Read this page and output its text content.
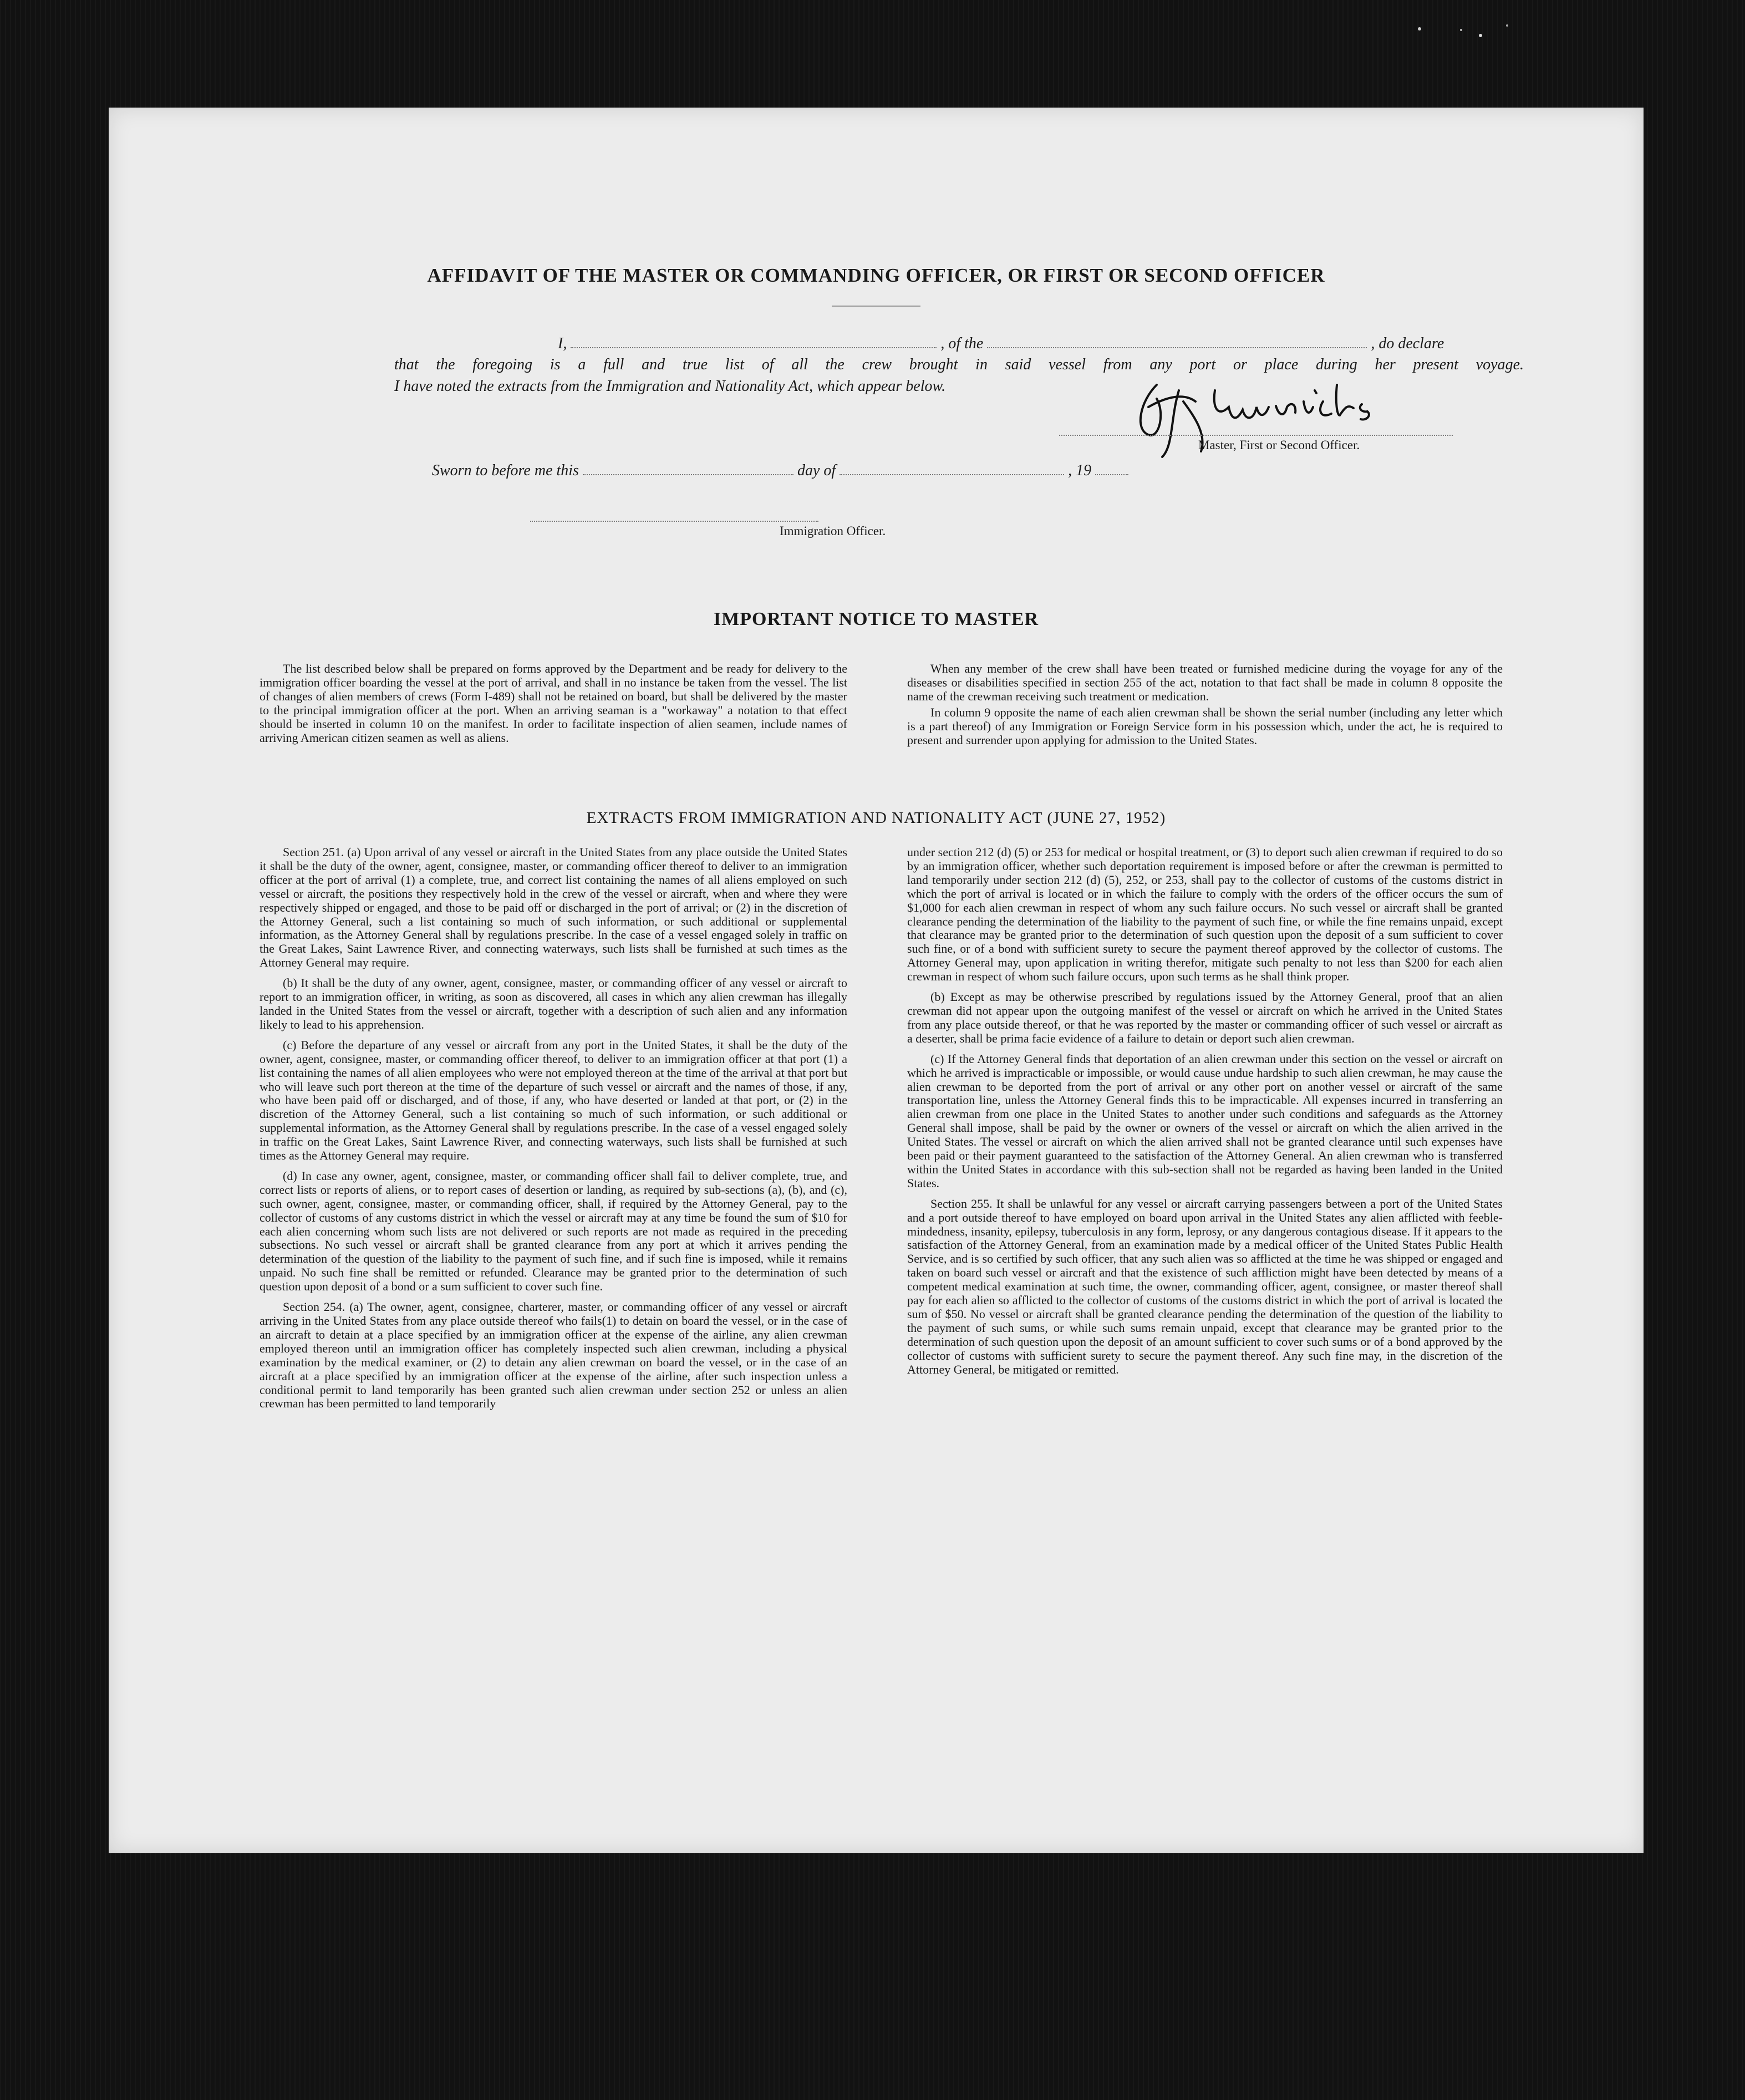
AFFIDAVIT OF THE MASTER OR COMMANDING OFFICER, OR FIRST OR SECOND OFFICER
I,	, of the	, do declare
that the foregoing is a full and true list of all the crew brought in said vessel from any port or place during her present voyage.
I have noted the extracts from the Immigration and Nationality Act, which appear below.
Master, First or Second Officer.
Sworn to before me this	day of	, 19
Immigration Officer.
IMPORTANT NOTICE TO MASTER

The list described below shall be prepared on forms approved by the Department and be ready for delivery to the immigration officer boarding the vessel at the port of arrival, and shall in no instance be taken from the vessel. The list of changes of alien members of crews (Form I-489) shall not be retained on board, but shall be delivered by the master to the principal immigration officer at the port. When an arriving seaman is a "workaway" a notation to that effect should be inserted in column 10 on the manifest. In order to facilitate inspection of alien seamen, include names of arriving American citizen seamen as well as aliens.

When any member of the crew shall have been treated or furnished medicine during the voyage for any of the diseases or disabilities specified in section 255 of the act, notation to that fact shall be made in column 8 opposite the name of the crewman receiving such treatment or medication.

In column 9 opposite the name of each alien crewman shall be shown the serial number (including any letter which is a part thereof) of any Immigration or Foreign Service form in his possession which, under the act, he is required to present and surrender upon applying for admission to the United States.

EXTRACTS FROM IMMIGRATION AND NATIONALITY ACT (JUNE 27, 1952)

Section 251. (a) Upon arrival of any vessel or aircraft in the United States from any place outside the United States it shall be the duty of the owner, agent, consignee, master, or commanding officer thereof to deliver to an immigration officer at the port of arrival (1) a complete, true, and correct list containing the names of all aliens employed on such vessel or aircraft, the positions they respectively hold in the crew of the vessel or aircraft, when and where they were respectively shipped or engaged, and those to be paid off or discharged in the port of arrival; or (2) in the discretion of the Attorney General, such a list containing so much of such information, or such additional or supplemental information, as the Attorney General shall by regulations prescribe. In the case of a vessel engaged solely in traffic on the Great Lakes, Saint Lawrence River, and connecting waterways, such lists shall be furnished at such times as the Attorney General may require.

(b) It shall be the duty of any owner, agent, consignee, master, or commanding officer of any vessel or aircraft to report to an immigration officer, in writing, as soon as discovered, all cases in which any alien crewman has illegally landed in the United States from the vessel or aircraft, together with a description of such alien and any information likely to lead to his apprehension.

(c) Before the departure of any vessel or aircraft from any port in the United States, it shall be the duty of the owner, agent, consignee, master, or commanding officer thereof, to deliver to an immigration officer at that port (1) a list containing the names of all alien employees who were not employed thereon at the time of the arrival at that port but who will leave such port thereon at the time of the departure of such vessel or aircraft and the names of those, if any, who have been paid off or discharged, and of those, if any, who have deserted or landed at that port, or (2) in the discretion of the Attorney General, such a list containing so much of such information, or such additional or supplemental information, as the Attorney General shall by regulations prescribe. In the case of a vessel engaged solely in traffic on the Great Lakes, Saint Lawrence River, and connecting waterways, such lists shall be furnished at such times as the Attorney General may require.

(d) In case any owner, agent, consignee, master, or commanding officer shall fail to deliver complete, true, and correct lists or reports of aliens, or to report cases of desertion or landing, as required by sub-sections (a), (b), and (c), such owner, agent, consignee, master, or commanding officer, shall, if required by the Attorney General, pay to the collector of customs of any customs district in which the vessel or aircraft may at any time be found the sum of $10 for each alien concerning whom such lists are not delivered or such reports are not made as required in the preceding subsections. No such vessel or aircraft shall be granted clearance from any port at which it arrives pending the determination of the question of the liability to the payment of such fine, and if such fine is imposed, while it remains unpaid. No such fine shall be remitted or refunded. Clearance may be granted prior to the determination of such question upon deposit of a bond or a sum sufficient to cover such fine.

Section 254. (a) The owner, agent, consignee, charterer, master, or commanding officer of any vessel or aircraft arriving in the United States from any place outside thereof who fails(1) to detain on board the vessel, or in the case of an aircraft to detain at a place specified by an immigration officer at the expense of the airline, any alien crewman employed thereon until an immigration officer has completely inspected such alien crewman, including a physical examination by the medical examiner, or (2) to detain any alien crewman on board the vessel, or in the case of an aircraft at a place specified by an immigration officer at the expense of the airline, after such inspection unless a conditional permit to land temporarily has been granted such alien crewman under section 252 or unless an alien crewman has been permitted to land temporarily

under section 212 (d) (5) or 253 for medical or hospital treatment, or (3) to deport such alien crewman if required to do so by an immigration officer, whether such deportation requirement is imposed before or after the crewman is permitted to land temporarily under section 212 (d) (5), 252, or 253, shall pay to the collector of customs of the customs district in which the port of arrival is located or in which the failure to comply with the orders of the officer occurs the sum of $1,000 for each alien crewman in respect of whom any such failure occurs. No such vessel or aircraft shall be granted clearance pending the determination of the liability to the payment of such fine, or while the fine remains unpaid, except that clearance may be granted prior to the determination of such question upon the deposit of a sum sufficient to cover such fine, or of a bond with sufficient surety to secure the payment thereof approved by the collector of customs. The Attorney General may, upon application in writing therefor, mitigate such penalty to not less than $200 for each alien crewman in respect of whom such failure occurs, upon such terms as he shall think proper.

(b) Except as may be otherwise prescribed by regulations issued by the Attorney General, proof that an alien crewman did not appear upon the outgoing manifest of the vessel or aircraft on which he arrived in the United States from any place outside thereof, or that he was reported by the master or commanding officer of such vessel or aircraft as a deserter, shall be prima facie evidence of a failure to detain or deport such alien crewman.

(c) If the Attorney General finds that deportation of an alien crewman under this section on the vessel or aircraft on which he arrived is impracticable or impossible, or would cause undue hardship to such alien crewman, he may cause the alien crewman to be deported from the port of arrival or any other port on another vessel or aircraft of the same transportation line, unless the Attorney General finds this to be impracticable. All expenses incurred in transferring an alien crewman from one place in the United States to another under such conditions and safeguards as the Attorney General shall impose, shall be paid by the owner or owners of the vessel or aircraft on which the alien arrived in the United States. The vessel or aircraft on which the alien arrived shall not be granted clearance until such expenses have been paid or their payment guaranteed to the satisfaction of the Attorney General. An alien crewman who is transferred within the United States in accordance with this sub-section shall not be regarded as having been landed in the United States.

Section 255. It shall be unlawful for any vessel or aircraft carrying passengers between a port of the United States and a port outside thereof to have employed on board upon arrival in the United States any alien afflicted with feeble-mindedness, insanity, epilepsy, tuberculosis in any form, leprosy, or any dangerous contagious disease. If it appears to the satisfaction of the Attorney General, from an examination made by a medical officer of the United States Public Health Service, and is so certified by such officer, that any such alien was so afflicted at the time he was shipped or engaged and taken on board such vessel or aircraft and that the existence of such affliction might have been detected by means of a competent medical examination at such time, the owner, commanding officer, agent, consignee, or master thereof shall pay for each alien so afflicted to the collector of customs of the customs district in which the port of arrival is located the sum of $50. No vessel or aircraft shall be granted clearance pending the determination of the question of the liability to the payment of such sums, or while such sums remain unpaid, except that clearance may be granted prior to the determination of such question upon the deposit of an amount sufficient to cover such sums or of a bond approved by the collector of customs with sufficient surety to secure the payment thereof. Any such fine may, in the discretion of the Attorney General, be mitigated or remitted.
